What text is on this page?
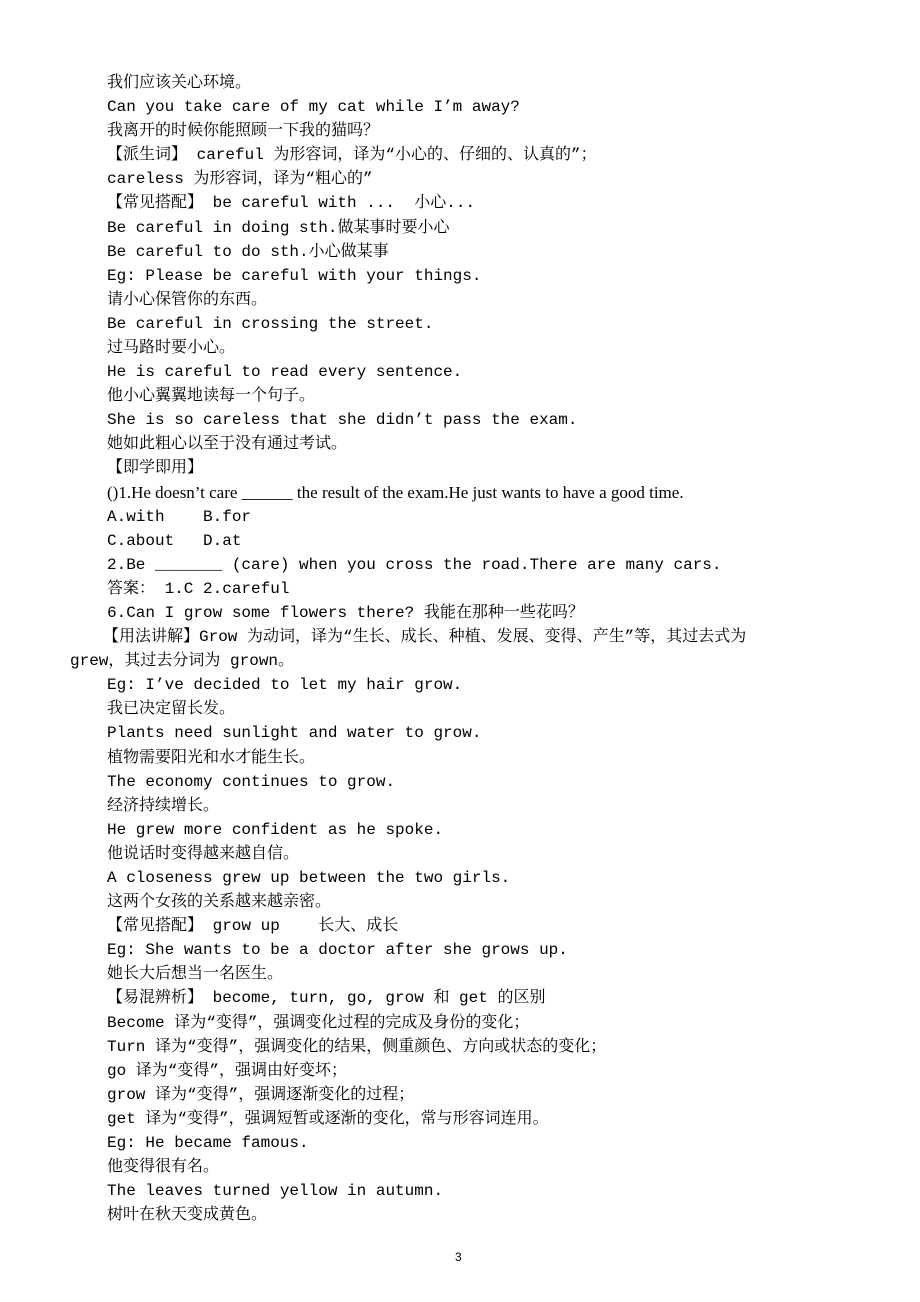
3
我们应该关心环境。
Can you take care of my cat while I’m away?
我离开的时候你能照顾一下我的猫吗？
【派生词】 careful 为形容词，译为“小心的、仔细的、认真的”；
careless 为形容词，译为“粗心的”
【常见搭配】 be careful with ...  小心...
Be careful in doing sth.做某事时要小心
Be careful to do sth.小心做某事
Eg: Please be careful with your things.
请小心保管你的东西。
Be careful in crossing the street.
过马路时要小心。
He is careful to read every sentence.
他小心翼翼地读每一个句子。
She is so careless that she didn’t pass the exam.
她如此粗心以至于没有通过考试。
【即学即用】
()1.He doesn’t care ______ the result of the exam.He just wants to have a good time.
A.with    B.for
C.about   D.at
2.Be _______ (care) when you cross the road.There are many cars.
答案： 1.C 2.careful
6.Can I grow some flowers there? 我能在那种一些花吗？
【用法讲解】Grow 为动词，译为“生长、成长、种植、发展、变得、产生”等，其过去式为
grew，其过去分词为 grown。
Eg: I’ve decided to let my hair grow.
我已决定留长发。
Plants need sunlight and water to grow.
植物需要阳光和水才能生长。
The economy continues to grow.
经济持续增长。
He grew more confident as he spoke.
他说话时变得越来越自信。
A closeness grew up between the two girls.
这两个女孩的关系越来越亲密。
【常见搭配】 grow up    长大、成长
Eg: She wants to be a doctor after she grows up.
她长大后想当一名医生。
【易混辨析】 become, turn, go, grow 和 get 的区别
Become 译为“变得”，强调变化过程的完成及身份的变化；
Turn 译为“变得”，强调变化的结果，侧重颜色、方向或状态的变化；
go 译为“变得”，强调由好变坏；
grow 译为“变得”，强调逐渐变化的过程；
get 译为“变得”，强调短暂或逐渐的变化，常与形容词连用。
Eg: He became famous.
他变得很有名。
The leaves turned yellow in autumn.
树叶在秋天变成黄色。
